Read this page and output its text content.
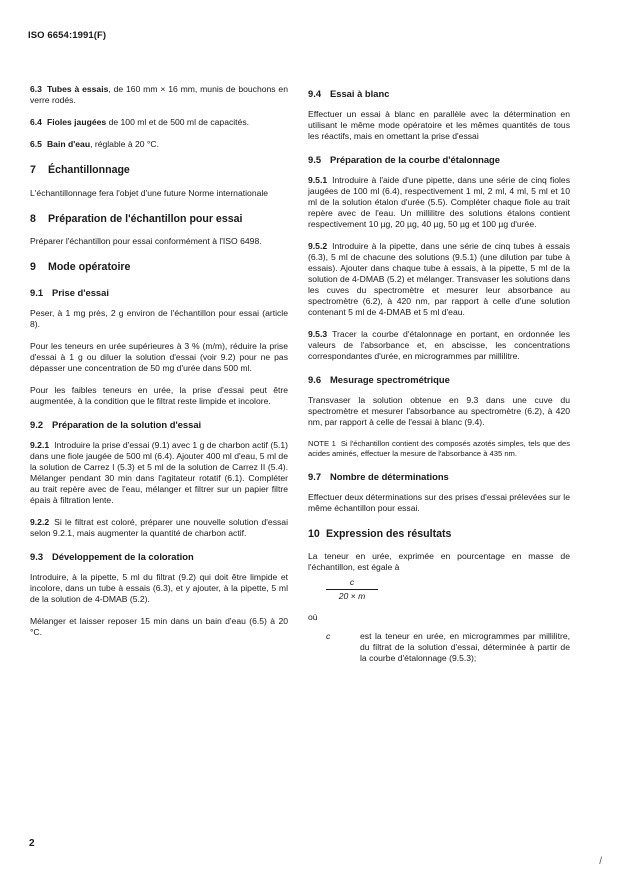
ISO 6654:1991(F)

6.3 Tubes à essais, de 160 mm × 16 mm, munis de bouchons en verre rodés.

6.4 Fioles jaugées de 100 ml et de 500 ml de capacités.

6.5 Bain d'eau, réglable à 20 °C.

7 Échantillonnage

L'échantillonnage fera l'objet d'une future Norme internationale

8 Préparation de l'échantillon pour essai

Préparer l'échantillon pour essai conformément à l'ISO 6498.

9 Mode opératoire
9.1 Prise d'essai

Peser, à 1 mg près, 2 g environ de l'échantillon pour essai (article 8).

Pour les teneurs en urée supérieures à 3 % (m/m), réduire la prise d'essai à 1 g ou diluer la solution d'essai (voir 9.2) pour ne pas dépasser une concentration de 50 mg d'urée dans 500 ml.

Pour les faibles teneurs en urée, la prise d'essai peut être augmentée, à la condition que le filtrat reste limpide et incolore.

9.2 Préparation de la solution d'essai

9.2.1 Introduire la prise d'essai (9.1) avec 1 g de charbon actif (5.1) dans une fiole jaugée de 500 ml (6.4). Ajouter 400 ml d'eau, 5 ml de la solution de Carrez I (5.3) et 5 ml de la solution de Carrez II (5.4). Mélanger pendant 30 min dans l'agitateur rotatif (6.1). Compléter au trait repère avec de l'eau, mélanger et filtrer sur un papier filtre épais à filtration lente.

9.2.2 Si le filtrat est coloré, préparer une nouvelle solution d'essai selon 9.2.1, mais augmenter la quantité de charbon actif.

9.3 Développement de la coloration

Introduire, à la pipette, 5 ml du filtrat (9.2) qui doit être limpide et incolore, dans un tube à essais (6.3), et y ajouter, à la pipette, 5 ml de la solution de 4-DMAB (5.2).

Mélanger et laisser reposer 15 min dans un bain d'eau (6.5) à 20 °C.

9.4 Essai à blanc

Effectuer un essai à blanc en parallèle avec la détermination en utilisant le même mode opératoire et les mêmes quantités de tous les réactifs, mais en omettant la prise d'essai

9.5 Préparation de la courbe d'étalonnage

9.5.1 Introduire à l'aide d'une pipette, dans une série de cinq fioles jaugées de 100 ml (6.4), respectivement 1 ml, 2 ml, 4 ml, 5 ml et 10 ml de la solution étalon d'urée (5.5). Compléter chaque fiole au trait repère avec de l'eau. Un millilitre des solutions étalons contient respectivement 10 µg, 20 µg, 40 µg, 50 µg et 100 µg d'urée.

9.5.2 Introduire à la pipette, dans une série de cinq tubes à essais (6.3), 5 ml de chacune des solutions (9.5.1) (une dilution par tube à essais). Ajouter dans chaque tube à essais, à la pipette, 5 ml de la solution de 4-DMAB (5.2) et mélanger. Transvaser les solutions dans les cuves du spectromètre et mesurer leur absorbance au spectromètre (6.2), à 420 nm, par rapport à celle d'une solution contenant 5 ml de 4-DMAB et 5 ml d'eau.

9.5.3 Tracer la courbe d'étalonnage en portant, en ordonnée les valeurs de l'absorbance et, en abscisse, les concentrations correspondantes d'urée, en microgrammes par millilitre.

9.6 Mesurage spectrométrique

Transvaser la solution obtenue en 9.3 dans une cuve du spectromètre et mesurer l'absorbance au spectromètre (6.2), à 420 nm, par rapport à celle de l'essai à blanc (9.4).

NOTE 1 Si l'échantillon contient des composés azotés simples, tels que des acides aminés, effectuer la mesure de l'absorbance à 435 nm.

9.7 Nombre de déterminations

Effectuer deux déterminations sur des prises d'essai prélevées sur le même échantillon pour essai.

10 Expression des résultats

La teneur en urée, exprimée en pourcentage en masse de l'échantillon, est égale à

c
20 × m

où

c	est la teneur en urée, en microgrammes par millilitre, du filtrat de la solution d'essai, déterminée à partir de la courbe d'étalonnage (9.5.3);
2
/
